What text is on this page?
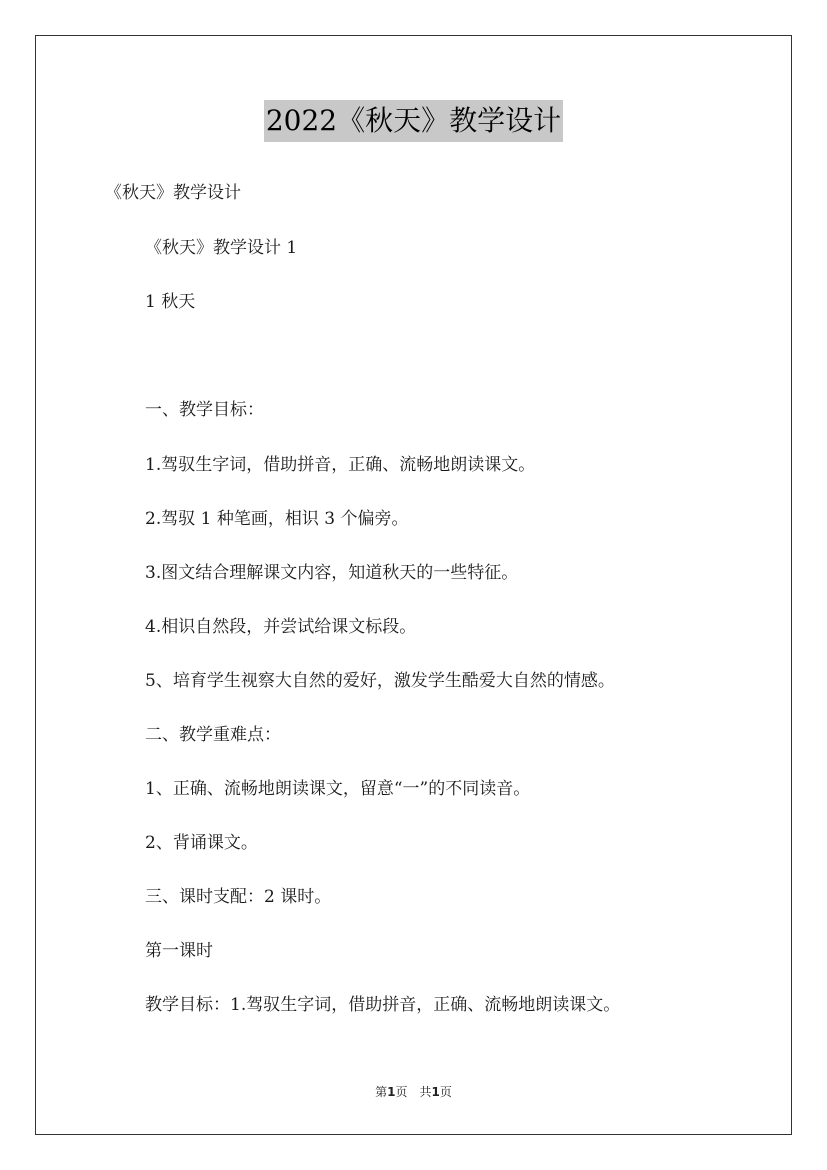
2022《秋天》教学设计
《秋天》教学设计
《秋天》教学设计 1
1 秋天
一、教学目标：
1.驾驭生字词，借助拼音，正确、流畅地朗读课文。
2.驾驭 1 种笔画，相识 3 个偏旁。
3.图文结合理解课文内容，知道秋天的一些特征。
4.相识自然段，并尝试给课文标段。
5、培育学生视察大自然的爱好，激发学生酷爱大自然的情感。
二、教学重难点：
1、正确、流畅地朗读课文，留意“一”的不同读音。
2、背诵课文。
三、课时支配：2 课时。
第一课时
教学目标：1.驾驭生字词，借助拼音，正确、流畅地朗读课文。
第1页　共1页
